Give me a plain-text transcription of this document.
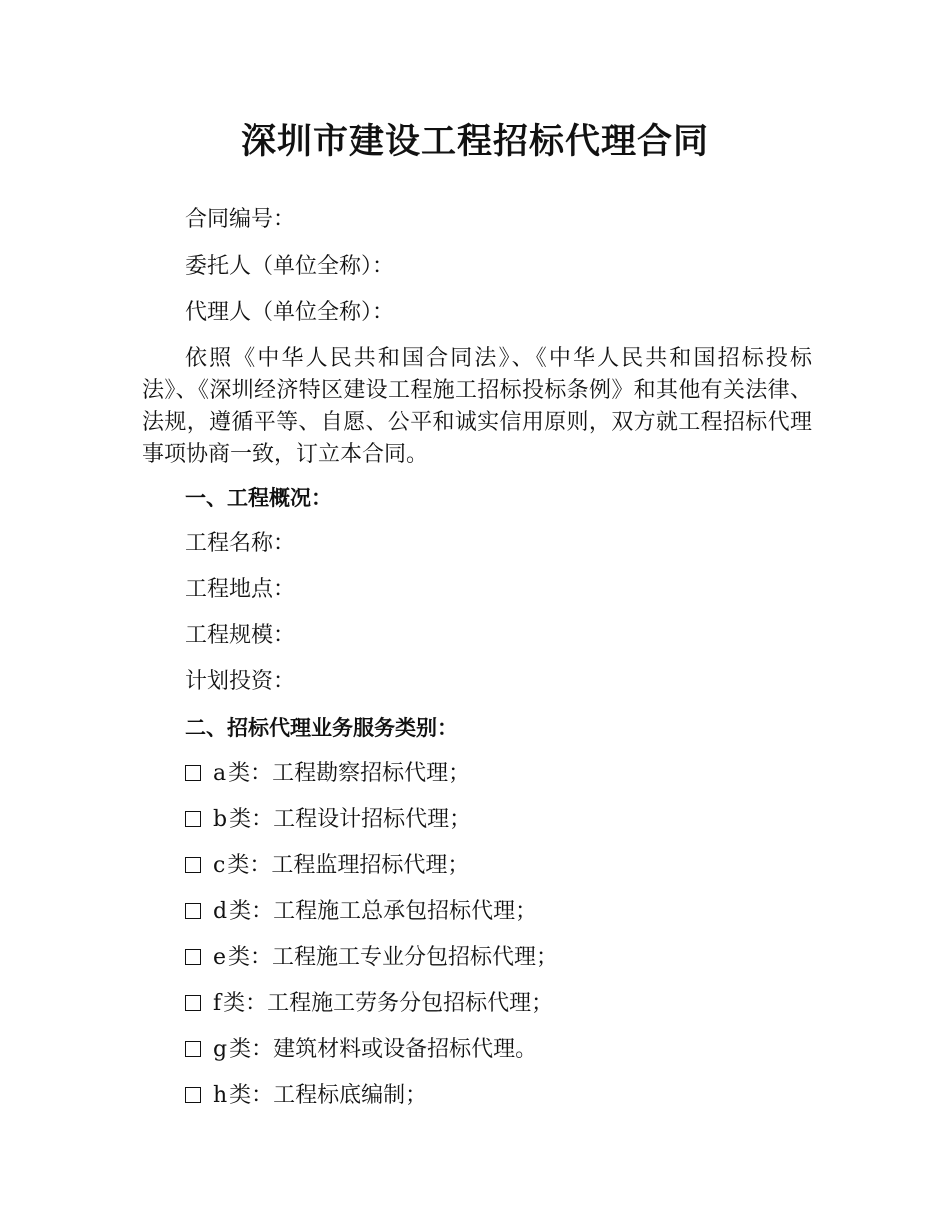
深圳市建设工程招标代理合同

合同编号：

委托人（单位全称）：

代理人（单位全称）：

依照《中华人民共和国合同法》、《中华人民共和国招标投标法》、《深圳经济特区建设工程施工招标投标条例》和其他有关法律、法规，遵循平等、自愿、公平和诚实信用原则，双方就工程招标代理事项协商一致，订立本合同。

一、工程概况：

工程名称：

工程地点：

工程规模：

计划投资：

二、招标代理业务服务类别：

a类：工程勘察招标代理；

b类：工程设计招标代理；

c类：工程监理招标代理；

d类：工程施工总承包招标代理；

e类：工程施工专业分包招标代理；

f类：工程施工劳务分包招标代理；

g类：建筑材料或设备招标代理。

h类：工程标底编制；
